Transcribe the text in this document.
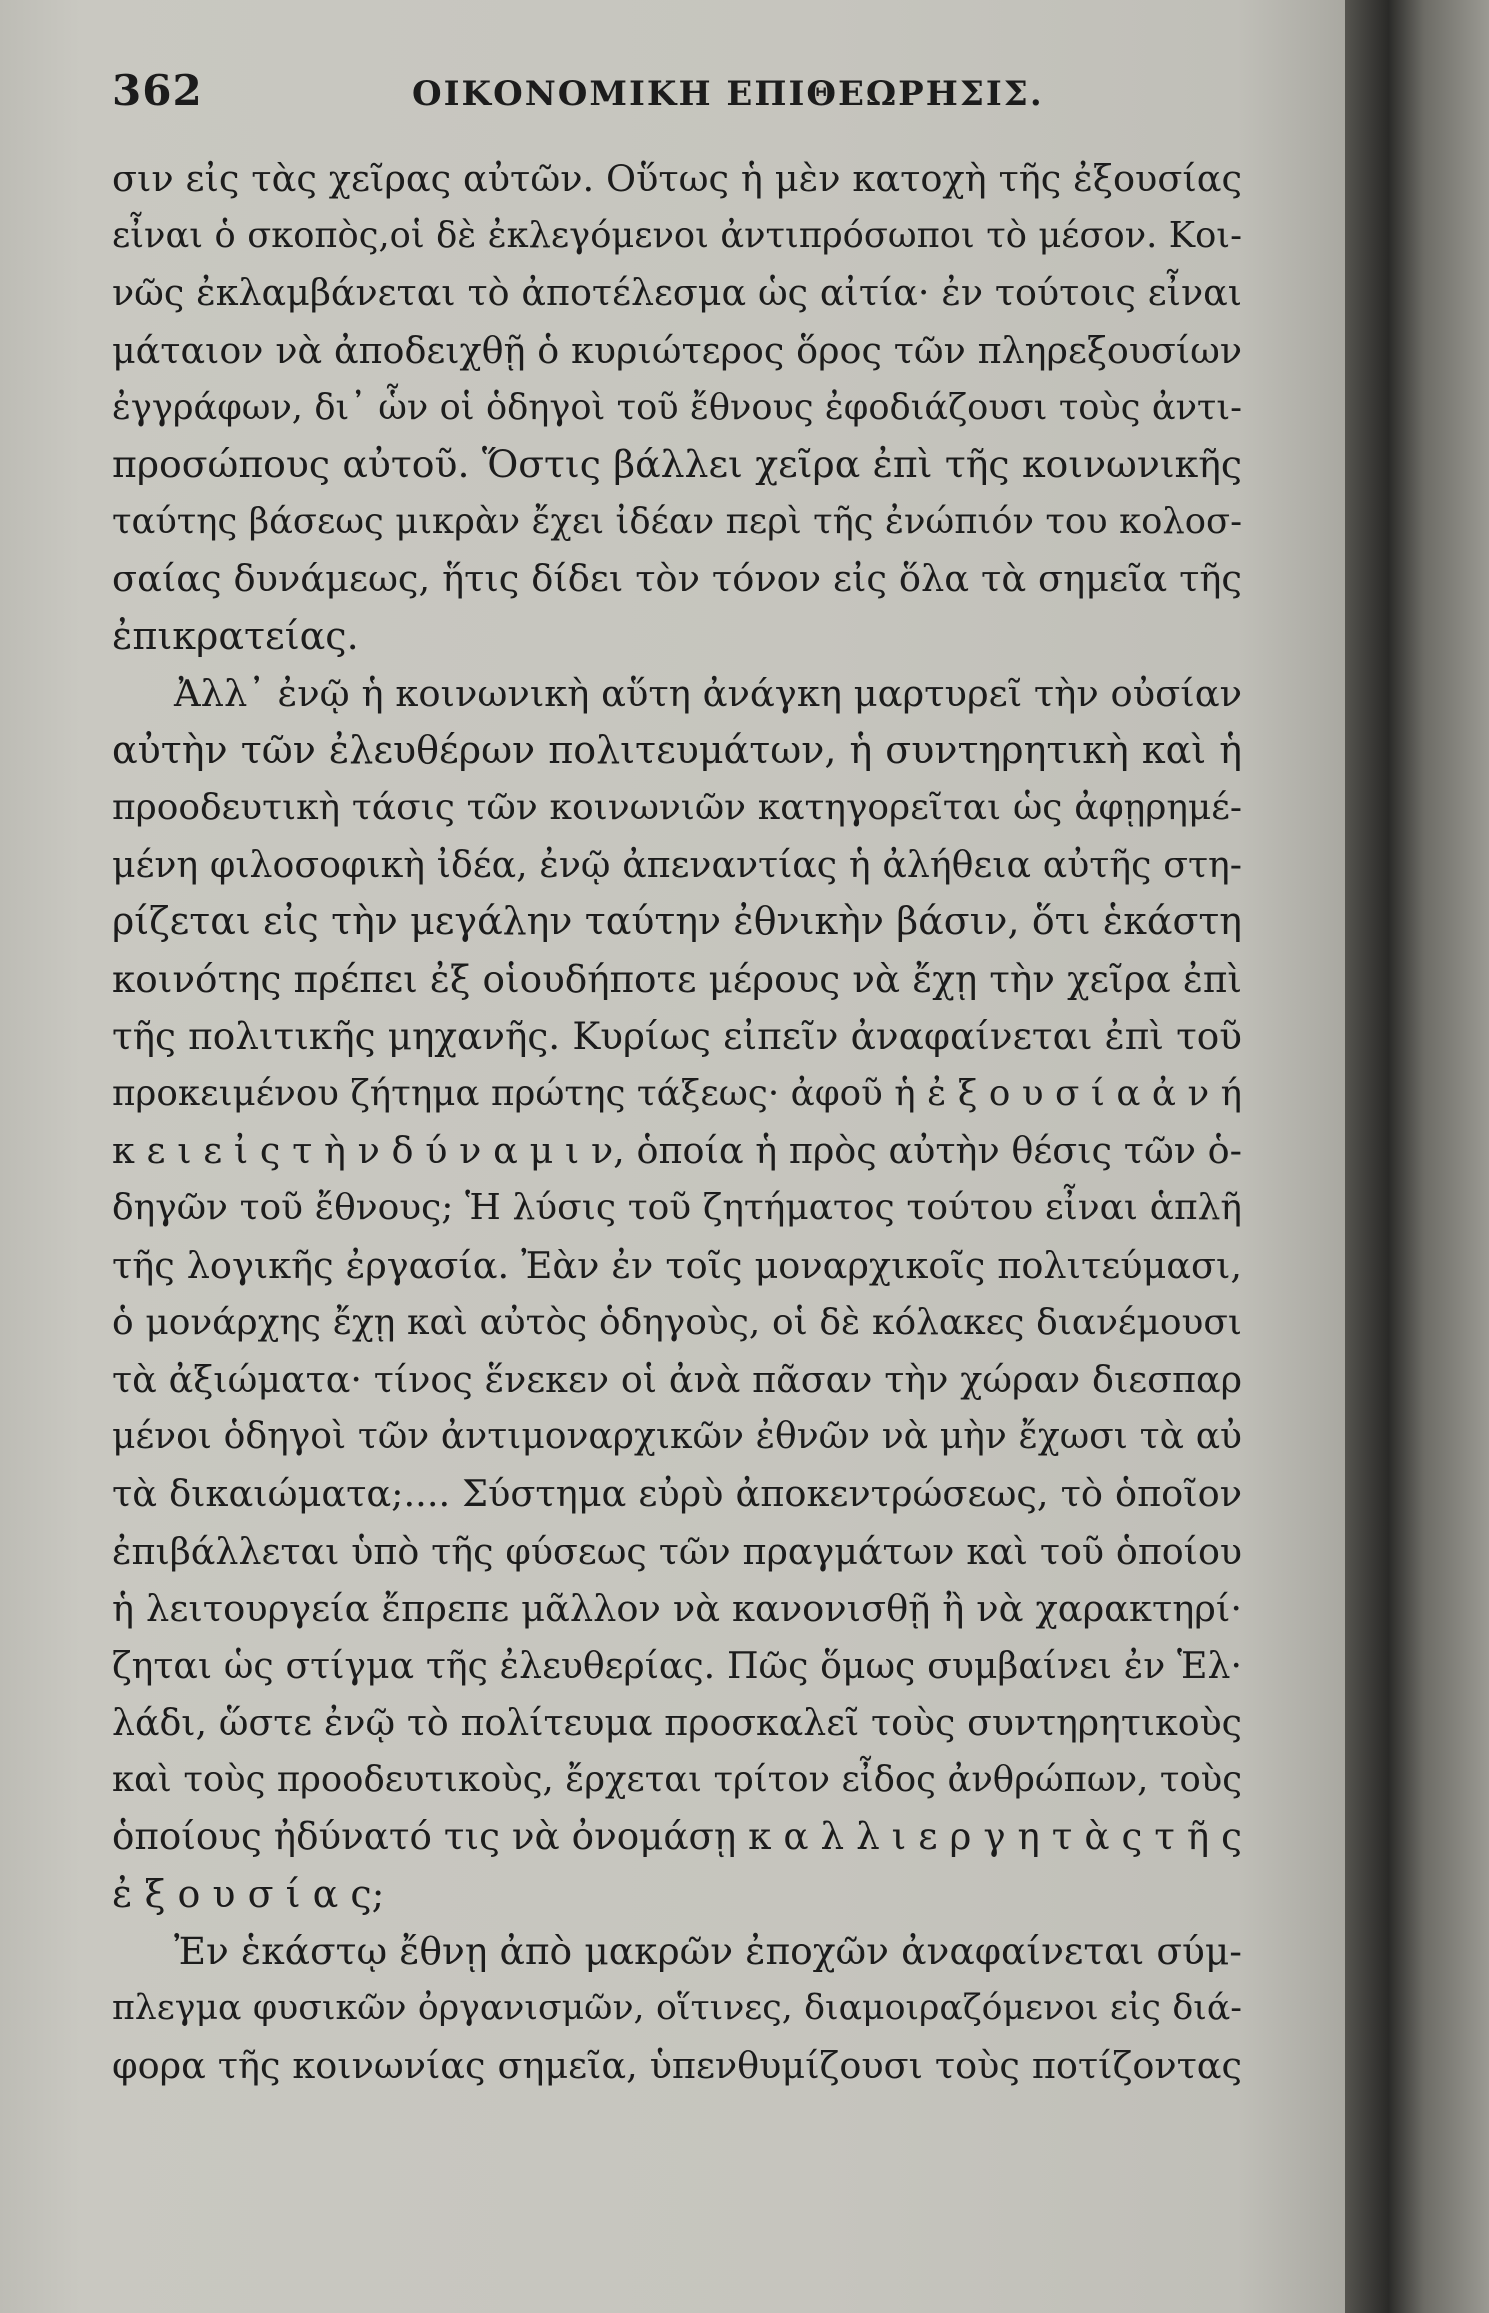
362	ΟΙΚΟΝΟΜΙΚΗ ΕΠΙΘΕΩΡΗΣΙΣ.
σιν εἰς τὰς χεῖρας αὐτῶν. Οὕτως ἡ μὲν κατοχὴ τῆς ἐξουσίας
εἶναι ὁ σκοπὸς,οἱ δὲ ἐκλεγόμενοι ἀντιπρόσωποι τὸ μέσον. Κοι-
νῶς ἐκλαμβάνεται τὸ ἀποτέλεσμα ὡς αἰτία· ἐν τούτοις εἶναι
μάταιον νὰ ἀποδειχθῇ ὁ κυριώτερος ὅρος τῶν πληρεξουσίων
ἐγγράφων, δι᾽ ὧν οἱ ὁδηγοὶ τοῦ ἔθνους ἐφοδιάζουσι τοὺς ἀντι-
προσώπους αὐτοῦ. Ὅστις βάλλει χεῖρα ἐπὶ τῆς κοινωνικῆς
ταύτης βάσεως μικρὰν ἔχει ἰδέαν περὶ τῆς ἐνώπιόν του κολοσ-
σαίας δυνάμεως, ἥτις δίδει τὸν τόνον εἰς ὅλα τὰ σημεῖα τῆς
ἐπικρατείας.
Ἀλλ᾽ ἐνῷ ἡ κοινωνικὴ αὕτη ἀνάγκη μαρτυρεῖ τὴν οὐσίαν
αὐτὴν τῶν ἐλευθέρων πολιτευμάτων, ἡ συντηρητικὴ καὶ ἡ
προοδευτικὴ τάσις τῶν κοινωνιῶν κατηγορεῖται ὡς ἀφῃρημέ-
μένη φιλοσοφικὴ ἰδέα, ἐνῷ ἀπεναντίας ἡ ἀλήθεια αὐτῆς στη-
ρίζεται εἰς τὴν μεγάλην ταύτην ἐθνικὴν βάσιν, ὅτι ἑκάστη
κοινότης πρέπει ἐξ οἱουδήποτε μέρους νὰ ἔχῃ τὴν χεῖρα ἐπὶ
τῆς πολιτικῆς μηχανῆς. Κυρίως εἰπεῖν ἀναφαίνεται ἐπὶ τοῦ
προκειμένου ζήτημα πρώτης τάξεως· ἀφοῦ ἡ ἐ ξ ο υ σ ί α ἀ ν ή
κ ε ι ε ἰ ς τ ὴ ν δ ύ ν α μ ι ν, ὁποία ἡ πρὸς αὐτὴν θέσις τῶν ὁ-
δηγῶν τοῦ ἔθνους; Ἡ λύσις τοῦ ζητήματος τούτου εἶναι ἁπλῆ
τῆς λογικῆς ἐργασία. Ἐὰν ἐν τοῖς μοναρχικοῖς πολιτεύμασι,
ὁ μονάρχης ἔχῃ καὶ αὐτὸς ὁδηγοὺς, οἱ δὲ κόλακες διανέμουσι
τὰ ἀξιώματα· τίνος ἕνεκεν οἱ ἀνὰ πᾶσαν τὴν χώραν διεσπαρ
μένοι ὁδηγοὶ τῶν ἀντιμοναρχικῶν ἐθνῶν νὰ μὴν ἔχωσι τὰ αὐ
τὰ δικαιώματα;.... Σύστημα εὐρὺ ἀποκεντρώσεως, τὸ ὁποῖον
ἐπιβάλλεται ὑπὸ τῆς φύσεως τῶν πραγμάτων καὶ τοῦ ὁποίου
ἡ λειτουργεία ἔπρεπε μᾶλλον νὰ κανονισθῇ ἢ νὰ χαρακτηρί·
ζηται ὡς στίγμα τῆς ἐλευθερίας. Πῶς ὅμως συμβαίνει ἐν Ἑλ·
λάδι, ὥστε ἐνῷ τὸ πολίτευμα προσκαλεῖ τοὺς συντηρητικοὺς
καὶ τοὺς προοδευτικοὺς, ἔρχεται τρίτον εἶδος ἀνθρώπων, τοὺς
ὁποίους ἠδύνατό τις νὰ ὀνομάσῃ κ α λ λ ι ε ρ γ η τ ὰ ς τ ῆ ς
ἐ ξ ο υ σ ί α ς;
Ἐν ἑκάστῳ ἔθνῃ ἀπὸ μακρῶν ἐποχῶν ἀναφαίνεται σύμ-
πλεγμα φυσικῶν ὀργανισμῶν, οἵτινες, διαμοιραζόμενοι εἰς διά-
φορα τῆς κοινωνίας σημεῖα, ὑπενθυμίζουσι τοὺς ποτίζοντας
